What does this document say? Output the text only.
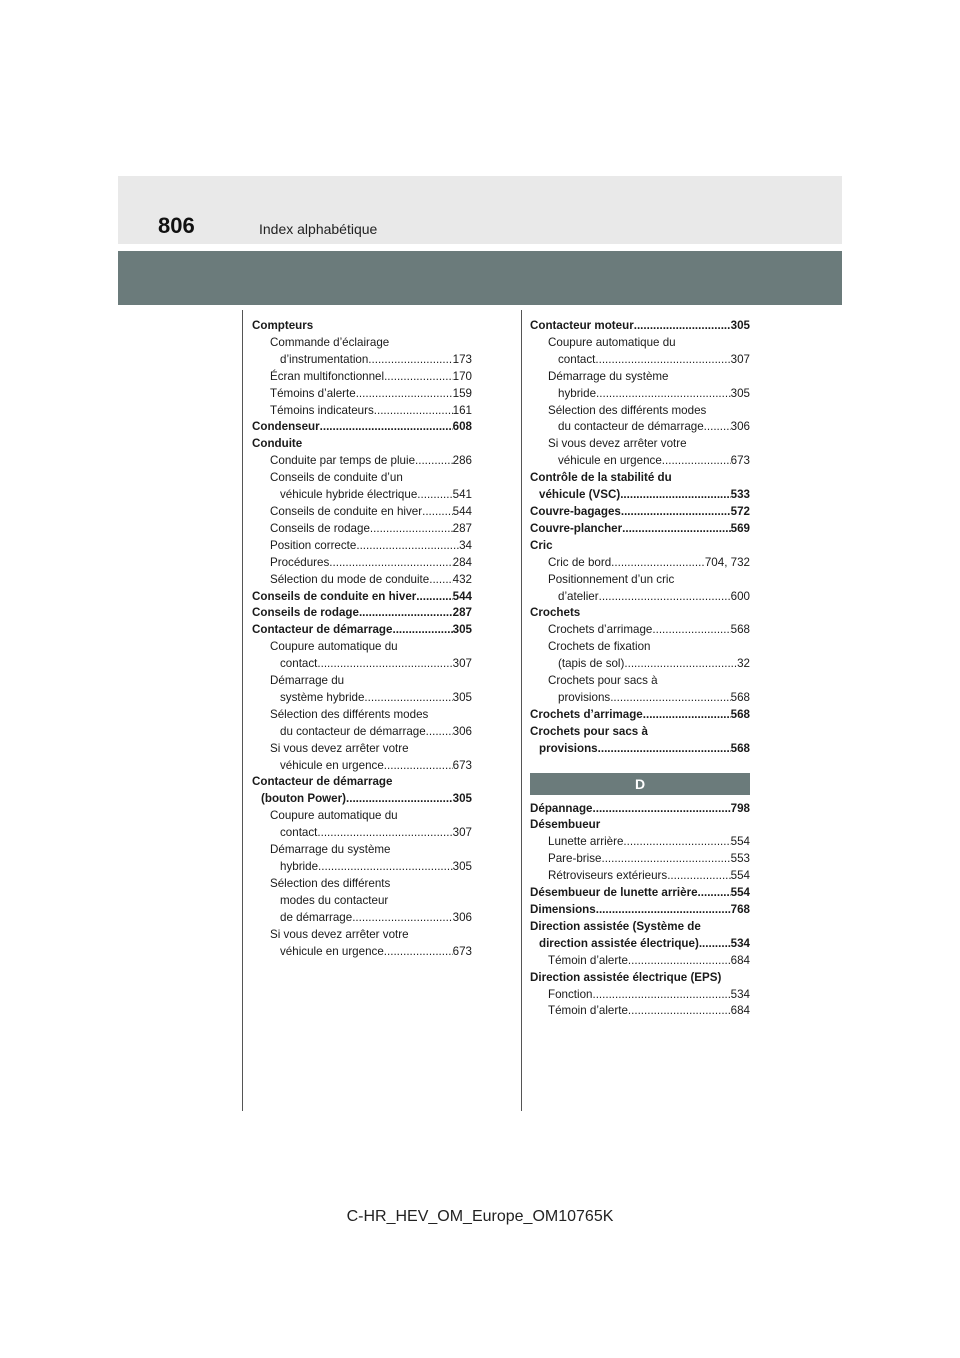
806	Index alphabétique
Compteurs
Commande d’éclairage
d’instrumentation .....	173
Écran multifonctionnel .....	170
Témoins d’alerte .....	159
Témoins indicateurs .....	161
Condenseur .....	608
Conduite
Conduite par temps de pluie .....	286
Conseils de conduite d’un
véhicule hybride électrique .....	541
Conseils de conduite en hiver .....	544
Conseils de rodage .....	287
Position correcte .....	34
Procédures .....	284
Sélection du mode de conduite ..... 432
Conseils de conduite en hiver .....	544
Conseils de rodage .....	287
Contacteur de démarrage .....	305
Coupure automatique du
contact .....	307
Démarrage du
système hybride .....	305
Sélection des différents modes
du contacteur de démarrage ..... 306
Si vous devez arrêter votre
véhicule en urgence .....	673
Contacteur de démarrage
(bouton Power) .....	305
Coupure automatique du
contact .....	307
Démarrage du système
hybride .....	305
Sélection des différents
modes du contacteur
de démarrage .....	306
Si vous devez arrêter votre
véhicule en urgence .....	673
Contacteur moteur .....	305
Coupure automatique du
contact .....	307
Démarrage du système
hybride .....	305
Sélection des différents modes
du contacteur de démarrage ..... 306
Si vous devez arrêter votre
véhicule en urgence .....	673
Contrôle de la stabilité du
véhicule (VSC) .....	533
Couvre-bagages .....	572
Couvre-plancher .....	569
Cric
Cric de bord .....	704, 732
Positionnement d’un cric
d’atelier .....	600
Crochets
Crochets d’arrimage .....	568
Crochets de fixation
(tapis de sol) .....	32
Crochets pour sacs à
provisions .....	568
Crochets d’arrimage .....	568
Crochets pour sacs à
provisions .....	568
D
Dépannage .....	798
Désembueur
Lunette arrière .....	554
Pare-brise .....	553
Rétroviseurs extérieurs .....	554
Désembueur de lunette arrière .....	554
Dimensions .....	768
Direction assistée (Système de
direction assistée électrique) .....	534
Témoin d’alerte .....	684
Direction assistée électrique (EPS)
Fonction .....	534
Témoin d’alerte .....	684
C-HR_HEV_OM_Europe_OM10765K
